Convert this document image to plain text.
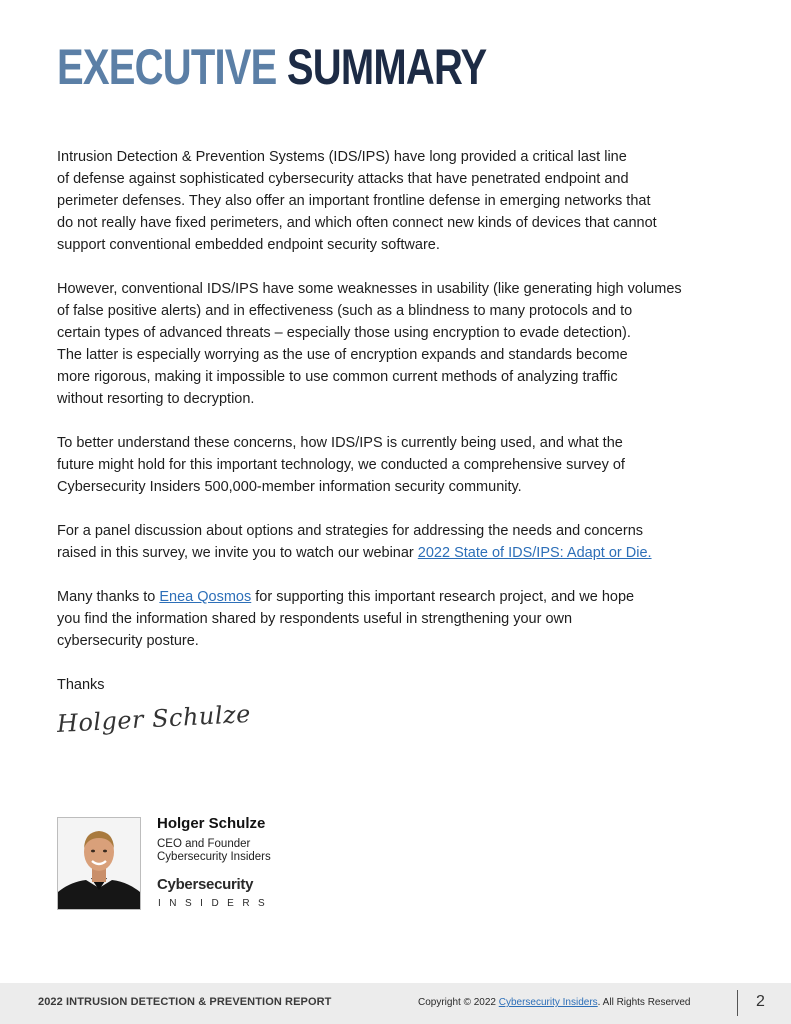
EXECUTIVE SUMMARY

Intrusion Detection & Prevention Systems (IDS/IPS) have long provided a critical last line
of defense against sophisticated cybersecurity attacks that have penetrated endpoint and
perimeter defenses. They also offer an important frontline defense in emerging networks that
do not really have fixed perimeters, and which often connect new kinds of devices that cannot
support conventional embedded endpoint security software.

However, conventional IDS/IPS have some weaknesses in usability (like generating high volumes
of false positive alerts) and in effectiveness (such as a blindness to many protocols and to
certain types of advanced threats – especially those using encryption to evade detection).
The latter is especially worrying as the use of encryption expands and standards become
more rigorous, making it impossible to use common current methods of analyzing traffic
without resorting to decryption.

To better understand these concerns, how IDS/IPS is currently being used, and what the
future might hold for this important technology, we conducted a comprehensive survey of
Cybersecurity Insiders 500,000-member information security community.

For a panel discussion about options and strategies for addressing the needs and concerns
raised in this survey, we invite you to watch our webinar 2022 State of IDS/IPS: Adapt or Die.

Many thanks to Enea Qosmos for supporting this important research project, and we hope
you find the information shared by respondents useful in strengthening your own
cybersecurity posture.

Thanks

Holger Schulze
Holger Schulze
CEO and Founder
Cybersecurity Insiders
Cybersecurity
INSIDERS
2022 INTRUSION DETECTION & PREVENTION REPORT	Copyright © 2022 Cybersecurity Insiders. All Rights Reserved	2
